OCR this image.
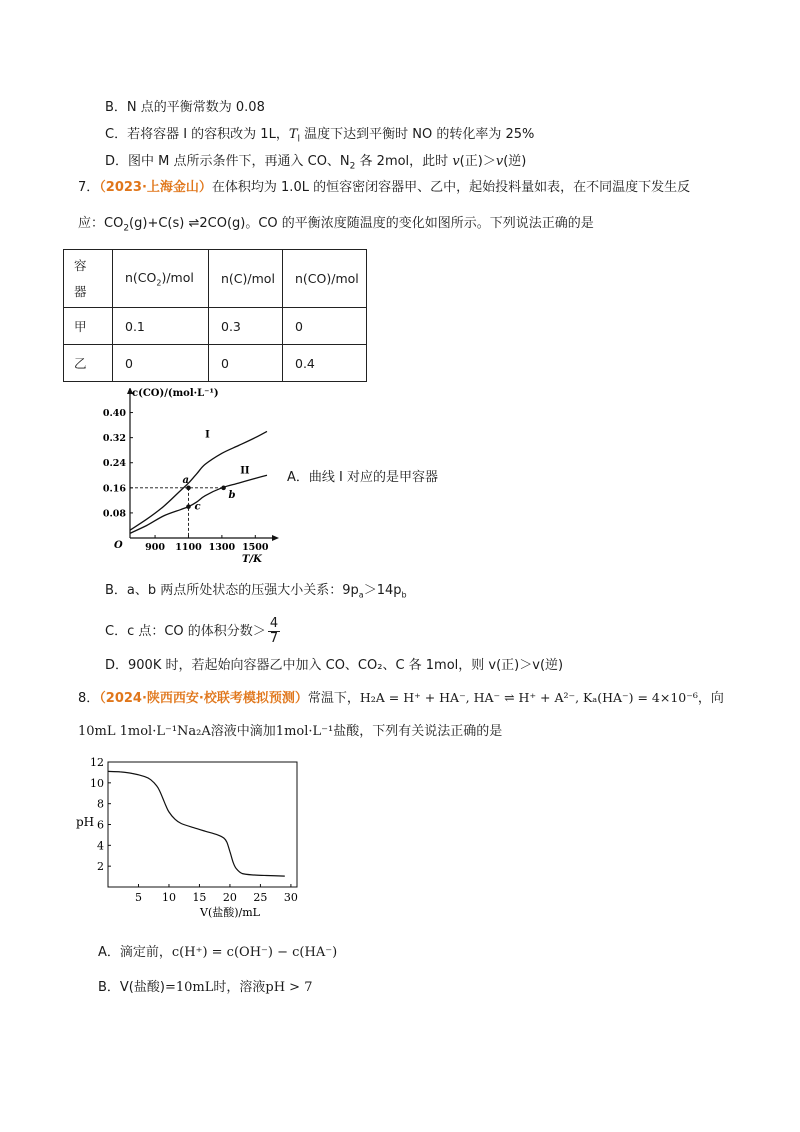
B．N 点的平衡常数为 0.08
C．若将容器 I 的容积改为 1L，$T_l$ 温度下达到平衡时 NO 的转化率为 25%
D．图中 M 点所示条件下，再通入 CO、$N_2$ 各 2mol，此时 v(正)＞v(逆)
7．（2023·上海金山）在体积均为 1.0L 的恒容密闭容器甲、乙中，起始投料量如表，在不同温度下发生反
应：$CO_2(g)+C(s)$ ⇌2CO(g)。CO 的平衡浓度随温度的变化如图所示。下列说法正确的是
容
器	$n(CO_2)$/mol	n(C)/mol	n(CO)/mol
甲	0.1	0.3	0
乙	0	0	0.4
c(CO)/(mol·L⁻¹)
T/K
O
0.08
0.16
0.24
0.32
0.40
900 1100 1300 1500
I
II
a
b
c
A．曲线 I 对应的是甲容器
B．a、b 两点所处状态的压强大小关系：$9p_a>14p_b$
C．c 点：CO 的体积分数＞ $\frac{4}{7}$
D．900K 时，若起始向容器乙中加入 CO、CO₂、C 各 1mol，则 v(正)＞v(逆)
8．（2024·陕西西安·校联考模拟预测）常温下，H₂A = H⁺ + HA⁻, HA⁻ ⇌ H⁺ + A²⁻, Kₐ(HA⁻) = 4×10⁻⁶，向
10mL 1mol·L⁻¹Na₂A溶液中滴加1mol·L⁻¹盐酸，下列有关说法正确的是
2
4
6
8
10
12
5 10 15 20 25 30
pH
V(盐酸)/mL
A．滴定前，c(H⁺) = c(OH⁻) − c(HA⁻)
B．V(盐酸)=10mL时，溶液pH > 7
